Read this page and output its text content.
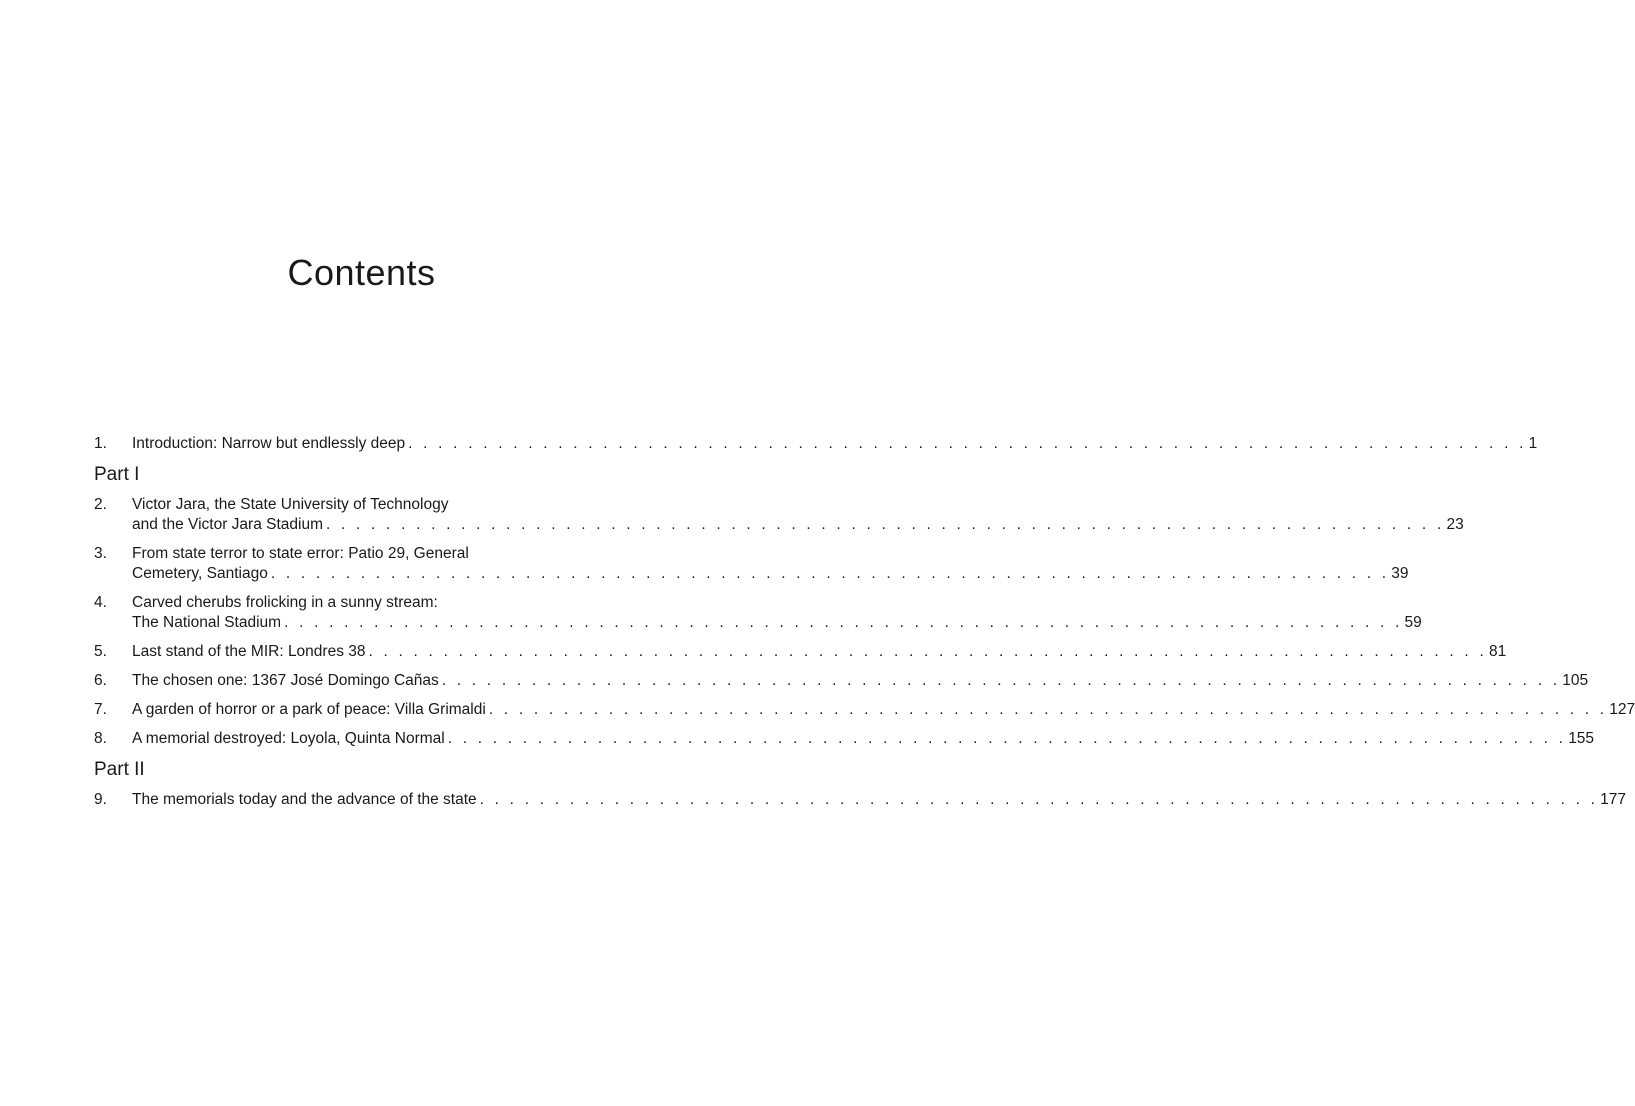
Contents
1.	Introduction: Narrow but endlessly deep . . . . . . . . . . . . . . . . . . . . . . . . . . . . . . . . . . . . . . . . . . . . . . . . . . . . . . . . . . . . . . . . . . . . . . . . . . . 1
Part I
2.	Victor Jara, the State University of Technology
and the Victor Jara Stadium . . . . . . . . . . . . . . . . . . . . . . . . . . . . . . . . . . . . . . . . . . . . . . . . . . . . . . . . . . . . . . . . . . . . . . . . . . . 23
3.	From state terror to state error: Patio 29, General
Cemetery, Santiago . . . . . . . . . . . . . . . . . . . . . . . . . . . . . . . . . . . . . . . . . . . . . . . . . . . . . . . . . . . . . . . . . . . . . . . . . . . 39
4.	Carved cherubs frolicking in a sunny stream:
The National Stadium . . . . . . . . . . . . . . . . . . . . . . . . . . . . . . . . . . . . . . . . . . . . . . . . . . . . . . . . . . . . . . . . . . . . . . . . . . . 59
5.	Last stand of the MIR: Londres 38 . . . . . . . . . . . . . . . . . . . . . . . . . . . . . . . . . . . . . . . . . . . . . . . . . . . . . . . . . . . . . . . . . . . . . . . . . . . 81
6.	The chosen one: 1367 José Domingo Cañas . . . . . . . . . . . . . . . . . . . . . . . . . . . . . . . . . . . . . . . . . . . . . . . . . . . . . . . . . . . . . . . . . . . . . . . . . . . 105
7.	A garden of horror or a park of peace: Villa Grimaldi . . . . . . . . . . . . . . . . . . . . . . . . . . . . . . . . . . . . . . . . . . . . . . . . . . . . . . . . . . . . . . . . . . . . . . . . . . . 127
8.	A memorial destroyed: Loyola, Quinta Normal . . . . . . . . . . . . . . . . . . . . . . . . . . . . . . . . . . . . . . . . . . . . . . . . . . . . . . . . . . . . . . . . . . . . . . . . . . . 155
Part II
9.	The memorials today and the advance of the state . . . . . . . . . . . . . . . . . . . . . . . . . . . . . . . . . . . . . . . . . . . . . . . . . . . . . . . . . . . . . . . . . . . . . . . . . . . 177
